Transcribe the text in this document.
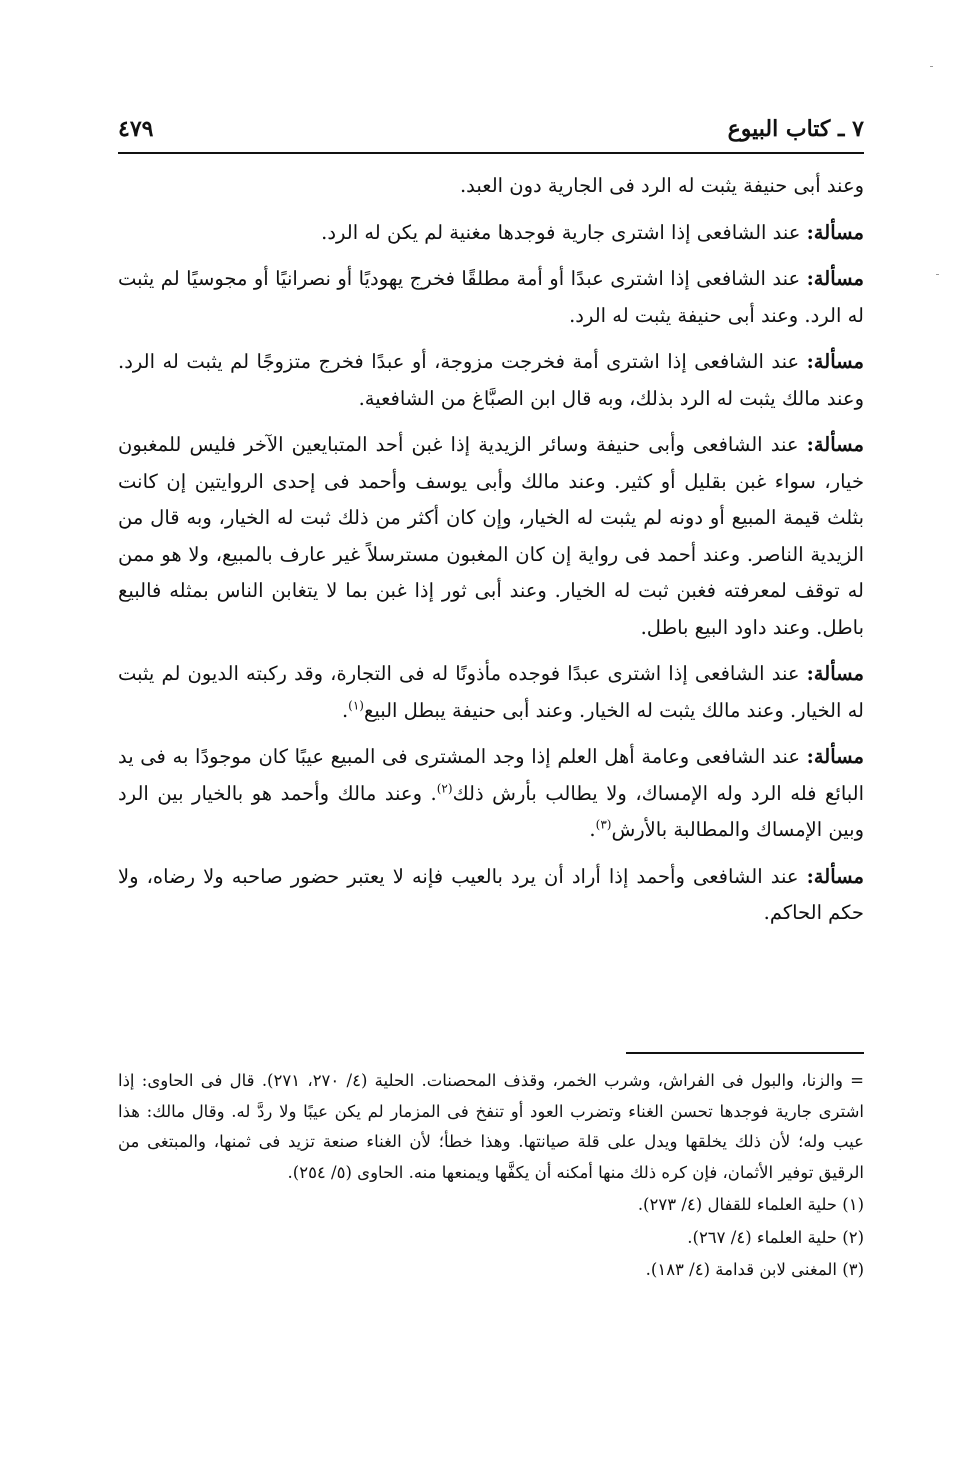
٧ ـ كتاب البيوع
٤٧٩

وعند أبى حنيفة يثبت له الرد فى الجارية دون العبد.

مسألة: عند الشافعى إذا اشترى جارية فوجدها مغنية لم يكن له الرد.

مسألة: عند الشافعى إذا اشترى عبدًا أو أمة مطلقًا فخرج يهوديًا أو نصرانيًا أو مجوسيًا لم يثبت له الرد. وعند أبى حنيفة يثبت له الرد.

مسألة: عند الشافعى إذا اشترى أمة فخرجت مزوجة، أو عبدًا فخرج متزوجًا لم يثبت له الرد. وعند مالك يثبت له الرد بذلك، وبه قال ابن الصبَّاغ من الشافعية.

مسألة: عند الشافعى وأبى حنيفة وسائر الزيدية إذا غبن أحد المتبايعين الآخر فليس للمغبون خيار، سواء غبن بقليل أو كثير. وعند مالك وأبى يوسف وأحمد فى إحدى الروايتين إن كانت بثلث قيمة المبيع أو دونه لم يثبت له الخيار، وإن كان أكثر من ذلك ثبت له الخيار، وبه قال من الزيدية الناصر. وعند أحمد فى رواية إن كان المغبون مسترسلاً غير عارف بالمبيع، ولا هو ممن له توقف لمعرفته فغبن ثبت له الخيار. وعند أبى ثور إذا غبن بما لا يتغابن الناس بمثله فالبيع باطل. وعند داود البيع باطل.

مسألة: عند الشافعى إذا اشترى عبدًا فوجده مأذونًا له فى التجارة، وقد ركبته الديون لم يثبت له الخيار. وعند مالك يثبت له الخيار. وعند أبى حنيفة يبطل البيع$^{(١)}$.

مسألة: عند الشافعى وعامة أهل العلم إذا وجد المشترى فى المبيع عيبًا كان موجودًا به فى يد البائع فله الرد وله الإمساك، ولا يطالب بأرش ذلك$^{(٢)}$. وعند مالك وأحمد هو بالخيار بين الرد وبين الإمساك والمطالبة بالأرش$^{(٣)}$.

مسألة: عند الشافعى وأحمد إذا أراد أن يرد بالعيب فإنه لا يعتبر حضور صاحبه ولا رضاه، ولا حكم الحاكم.

= والزنا، والبول فى الفراش، وشرب الخمر، وقذف المحصنات. الحلية (٤/ ٢٧٠، ٢٧١). قال فى الحاوى: إذا اشترى جارية فوجدها تحسن الغناء وتضرب العود أو تنفخ فى المزمار لم يكن عيبًا ولا ردَّ له. وقال مالك: هذا عيب وله؛ لأن ذلك يخلقها ويدل على قلة صيانتها. وهذا خطأ؛ لأن الغناء صنعة تزيد فى ثمنها، والمبتغى من الرقيق توفير الأثمان، فإن كره ذلك منها أمكنه أن يكفَّها ويمنعها منه. الحاوى (٥/ ٢٥٤).

(١) حلية العلماء للقفال (٤/ ٢٧٣).

(٢) حلية العلماء (٤/ ٢٦٧).

(٣) المغنى لابن قدامة (٤/ ١٨٣).
